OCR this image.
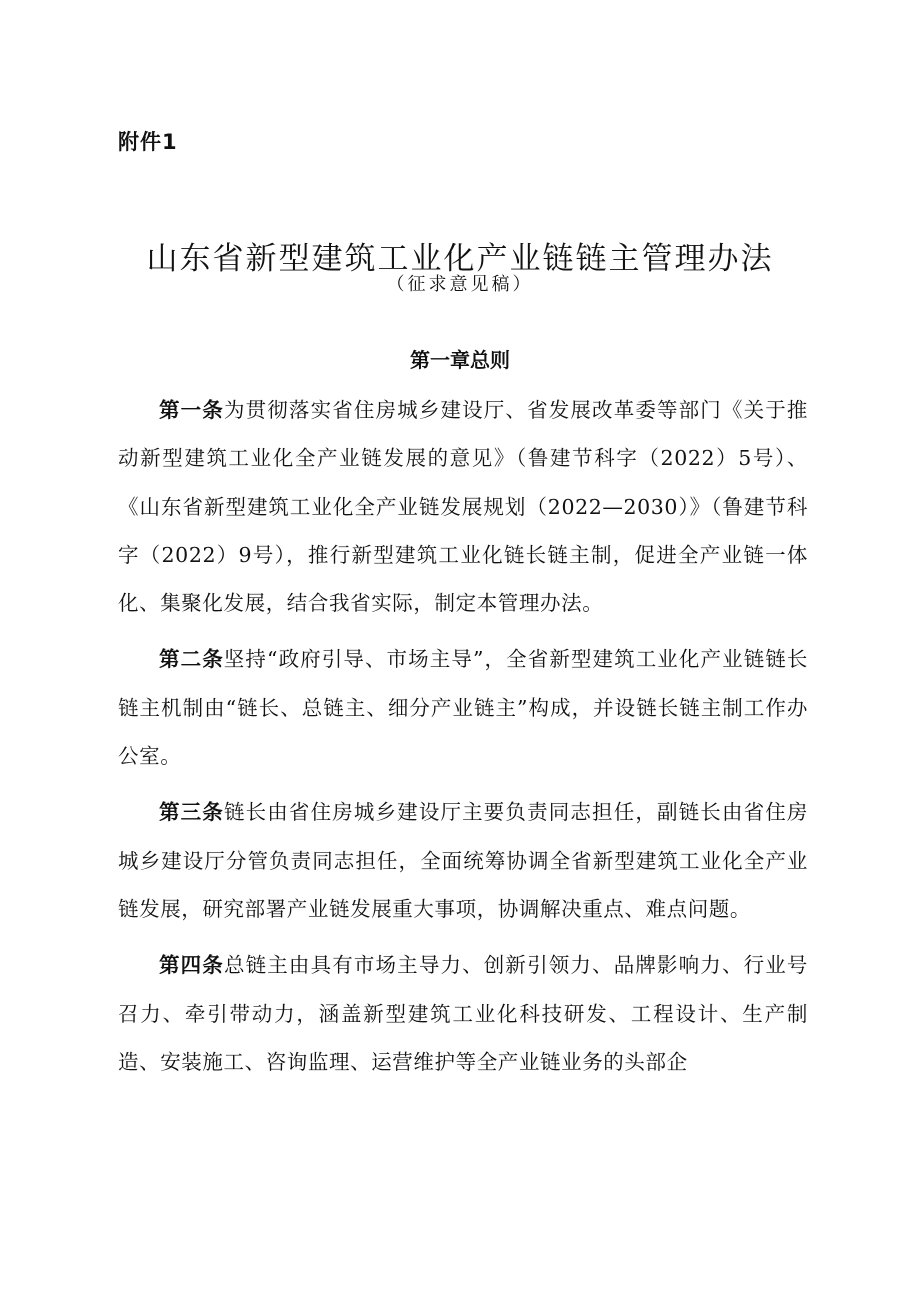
附件1
山东省新型建筑工业化产业链链主管理办法
（征求意见稿）
第一章总则

第一条为贯彻落实省住房城乡建设厅、省发展改革委等部门《关于推动新型建筑工业化全产业链发展的意见》（鲁建节科字（2022）5号）、《山东省新型建筑工业化全产业链发展规划（2022—2030）》（鲁建节科字（2022）9号），推行新型建筑工业化链长链主制，促进全产业链一体化、集聚化发展，结合我省实际，制定本管理办法。

第二条坚持“政府引导、市场主导”，全省新型建筑工业化产业链链长链主机制由“链长、总链主、细分产业链主”构成，并设链长链主制工作办公室。

第三条链长由省住房城乡建设厅主要负责同志担任，副链长由省住房城乡建设厅分管负责同志担任，全面统筹协调全省新型建筑工业化全产业链发展，研究部署产业链发展重大事项，协调解决重点、难点问题。

第四条总链主由具有市场主导力、创新引领力、品牌影响力、行业号召力、牵引带动力，涵盖新型建筑工业化科技研发、工程设计、生产制造、安装施工、咨询监理、运营维护等全产业链业务的头部企
